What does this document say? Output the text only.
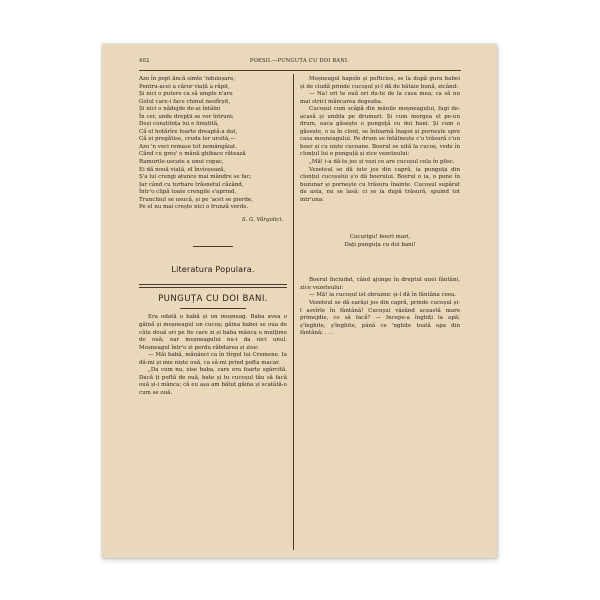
402	POESII.—PUNGUȚA CU DOI BANI.
Azo în pept ăncă simte 'nduioșare,
Pentru-acei a căror viață a răpit,
Și nici o putere ca să umple n'are
Golul care-i face chinul nesfîrșit,
Și nici o nădejde de-ai întâlni
În cer, unde drepții se vor întruni;
Deși conștiința lui e liniștită,
Că el hotărîre foarte dreaptă-a dat,
Că ei pregătise, cruda lor ursită,—
Azo 'n veci remase tot nemângâiat.
Când cu greș' o mână ghibace rătează
Ramurile-uscate a unui copac,
Ei dă nouă viață, el învioșează,
Ș'a lui crengi atunce mai mândre se fac;
Iar când cu turbare trăsnetul căzând,
Într'o clipă toate crengile s'aprind,
Trunchiul se usucă, și pe 'acet se pierde,
Pe el nu mai crește nici o frunză verde.
S. G. Vârgolici.
Literatura Populara.
PUNGUȚA CU DOI BANI.

Era odată o babă și un moșneag. Baba avea o găină și moșneagul un cucoș; găina babei se oua de câte două ori pe fie care zi și baba mânca o mulțime de ouă; ear moșneagului nu-i da nici unul. Moșneagul într'o zi perdu răbdarea și zise:

— Măi babă, mănânci ca în tîrgul lui Cremene. Ia dă-mi și mie niște ouă, ca să-mi prind pofta macar.

„Da cum nu, zise baba, care era foarte sgârcită. Dacă ți poftă de ouă, bate și tu cucoșul tău să facă ouă și-i mânca; că eu așa am bătut găina și scatâtă-o cum se ouă.

Moșneagul hapsîn și pofticios, se la după gura babei și de ciudă prinde cucoșul și-l dă de bătaie bună, zicând:

— Na! ori te ouă ori du-te de la casa mea; ca să nu mai strici mâncarea degeaba.

Cucoșul cum scăpă din mânile moșneagului, fugi de-acasă și umbla pe drumuri. Și cum mergea el pe-un drum, eaca găsește o punguță cu doi bani. Și cum o găsește, o ia în clonț, se întoarnă înapoi și pornește spre casa moșneagului. Pe drum se întâlnește c'o trăsură c'un boer și cu niște cucoane. Boerul se uită la cucoș, vede în clonțul lui o punguță și zice vezeteului:

„Mă! i-a dă-te jos și vezi ce are cucoșul cela în plisc.

Vezeteul se dă iute jos din capră, ia punguța din clonțul cucoșului ș'o dă boerului. Boerul o ia, o pune în buzunar și pornește cu trăsura înainte. Cucoșul supărat de asta, nu se lasă; ci se ia după trăsură, spuind tot intr'una:

Cucurigu! boeri mari,
Dați punguța cu doi bani!

Boerul înciudat, când ajunge în dreptul unei fântâni, zice vezeteului:

— Mă! ia cucoșul ist obraznic și-l dă în fântâna ceea.

Vezeteul se dă earăși jos din capră, prinde cucoșul și-l asvîrle în fântână! Cucoșul văzând această mare primejdie, ce să facă? — Incepe-a înghiți la apă; ș'înghite, ș'înghite, până ce 'nghite toată apa din fântână; . . .
